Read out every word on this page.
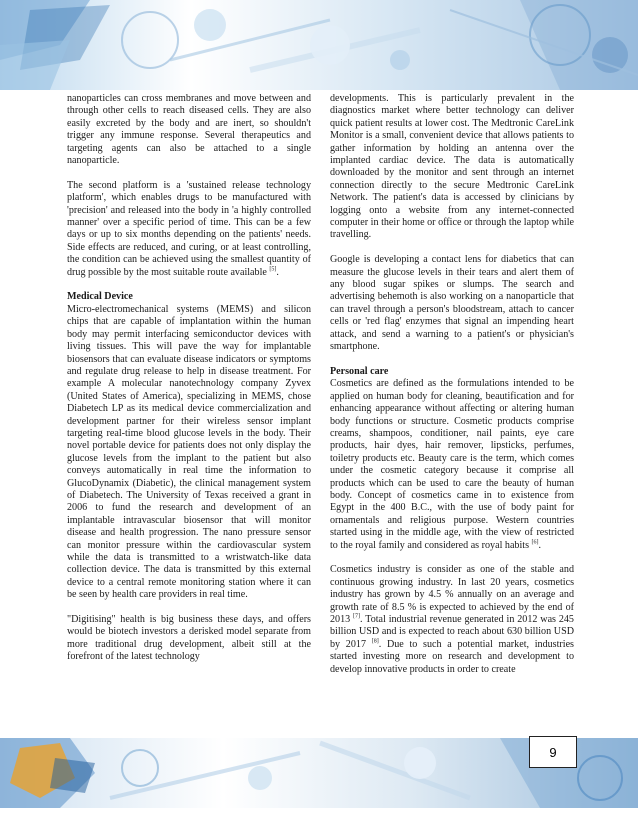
nanoparticles can cross membranes and move between and through other cells to reach diseased cells. They are also easily excreted by the body and are inert, so shouldn't trigger any immune response. Several therapeutics and targeting agents can also be attached to a single nanoparticle.

The second platform is a 'sustained release technology platform', which enables drugs to be manufactured with 'precision' and released into the body in 'a highly controlled manner' over a specific period of time. This can be a few days or up to six months depending on the patients' needs. Side effects are reduced, and curing, or at least controlling, the condition can be achieved using the smallest quantity of drug possible by the most suitable route available [5].

Medical Device

Micro-electromechanical systems (MEMS) and silicon chips that are capable of implantation within the human body may permit interfacing semiconductor devices with living tissues. This will pave the way for implantable biosensors that can evaluate disease indicators or symptoms and regulate drug release to help in disease treatment. For example A molecular nanotechnology company Zyvex (United States of America), specializing in MEMS, chose Diabetech LP as its medical device commercialization and development partner for their wireless sensor implant targeting real-time blood glucose levels in the body. Their novel portable device for patients does not only display the glucose levels from the implant to the patient but also conveys automatically in real time the information to GlucoDynamix (Diabetic), the clinical management system of Diabetech. The University of Texas received a grant in 2006 to fund the research and development of an implantable intravascular biosensor that will monitor disease and health progression. The nano pressure sensor can monitor pressure within the cardiovascular system while the data is transmitted to a wristwatch-like data collection device. The data is transmitted by this external device to a central remote monitoring station where it can be seen by health care providers in real time.

"Digitising" health is big business these days, and offers would be biotech investors a derisked model separate from more traditional drug development, albeit still at the forefront of the latest technology

developments. This is particularly prevalent in the diagnostics market where better technology can deliver quick patient results at lower cost. The Medtronic CareLink Monitor is a small, convenient device that allows patients to gather information by holding an antenna over the implanted cardiac device. The data is automatically downloaded by the monitor and sent through an internet connection directly to the secure Medtronic CareLink Network. The patient's data is accessed by clinicians by logging onto a website from any internet-connected computer in their home or office or through the laptop while travelling.

Google is developing a contact lens for diabetics that can measure the glucose levels in their tears and alert them of any blood sugar spikes or slumps. The search and advertising behemoth is also working on a nanoparticle that can travel through a person's bloodstream, attach to cancer cells or 'red flag' enzymes that signal an impending heart attack, and send a warning to a patient's or physician's smartphone.

Personal care

Cosmetics are defined as the formulations intended to be applied on human body for cleaning, beautification and for enhancing appearance without affecting or altering human body functions or structure. Cosmetic products comprise creams, shampoos, conditioner, nail paints, eye care products, hair dyes, hair remover, lipsticks, perfumes, toiletry products etc. Beauty care is the term, which comes under the cosmetic category because it comprise all products which can be used to care the beauty of human body. Concept of cosmetics came in to existence from Egypt in the 400 B.C., with the use of body paint for ornamentals and religious purpose. Western countries started using in the middle age, with the view of restricted to the royal family and considered as royal habits [6].

Cosmetics industry is consider as one of the stable and continuous growing industry. In last 20 years, cosmetics industry has grown by 4.5 % annually on an average and growth rate of 8.5 % is expected to achieved by the end of 2013 [7]. Total industrial revenue generated in 2012 was 245 billion USD and is expected to reach about 630 billion USD by 2017 [8]. Due to such a potential market, industries started investing more on research and development to develop innovative products in order to create

9
